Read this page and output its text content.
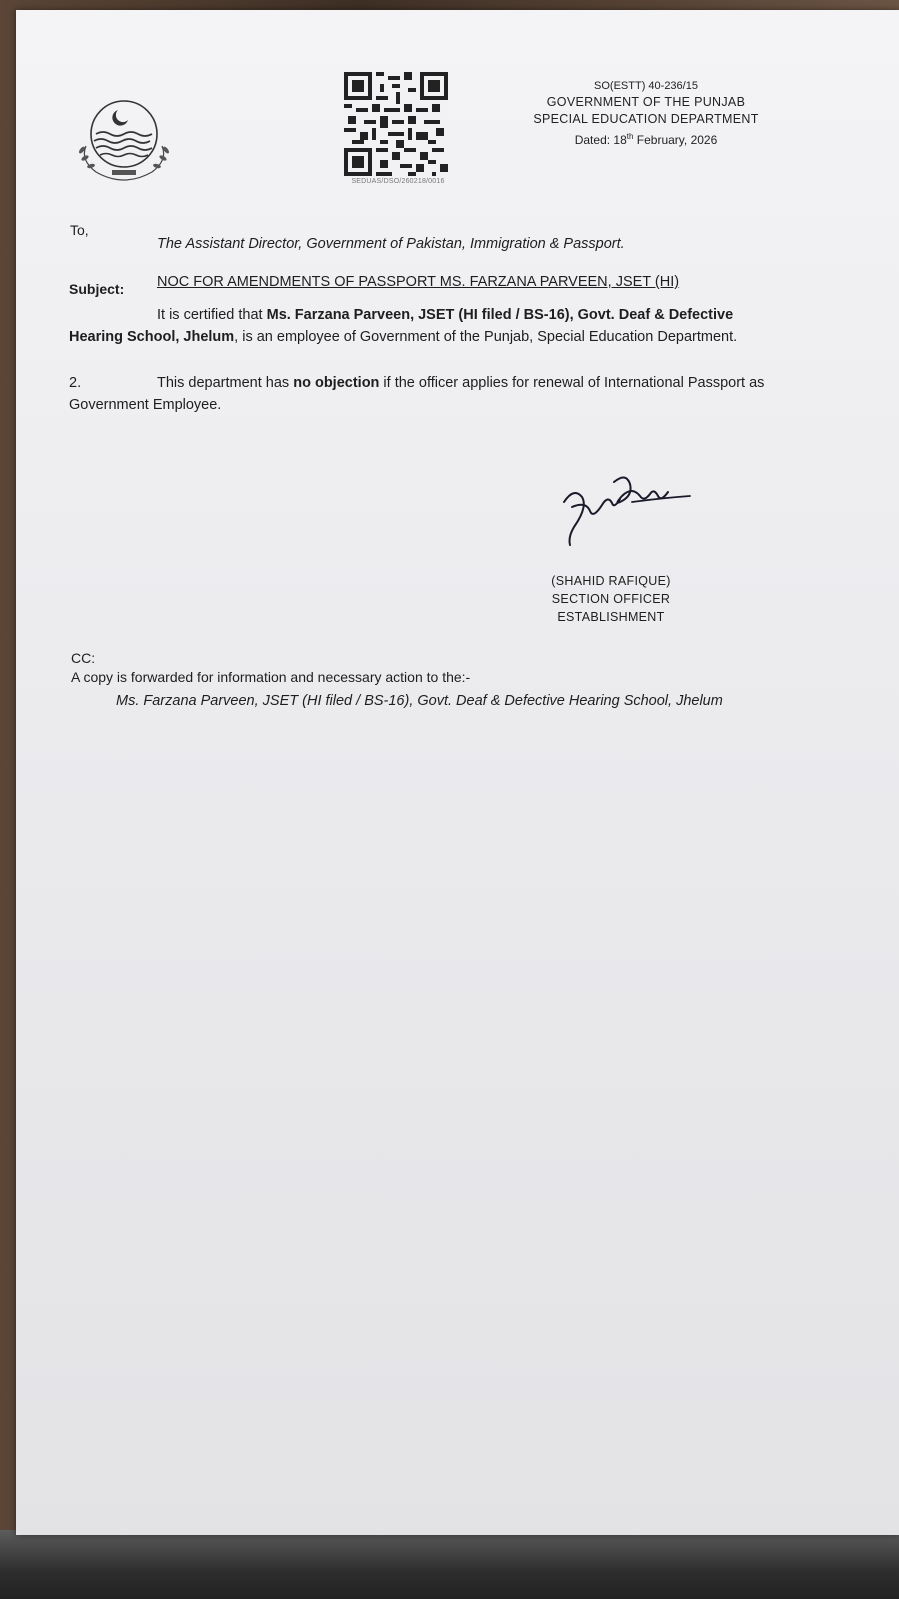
SEDUAS/DSO/260218/0016
SO(ESTT) 40-236/15
GOVERNMENT OF THE PUNJAB
SPECIAL EDUCATION DEPARTMENT
Dated: 18th February, 2026
To,
The Assistant Director, Government of Pakistan, Immigration & Passport.
Subject: NOC FOR AMENDMENTS OF PASSPORT MS. FARZANA PARVEEN, JSET (HI)
It is certified that Ms. Farzana Parveen, JSET (HI filed / BS-16), Govt. Deaf & Defective Hearing School, Jhelum, is an employee of Government of the Punjab, Special Education Department.
2.	This department has no objection if the officer applies for renewal of International Passport as Government Employee.
(SHAHID RAFIQUE)
SECTION OFFICER
ESTABLISHMENT
CC:
A copy is forwarded for information and necessary action to the:-
Ms. Farzana Parveen, JSET (HI filed / BS-16), Govt. Deaf & Defective Hearing School, Jhelum
